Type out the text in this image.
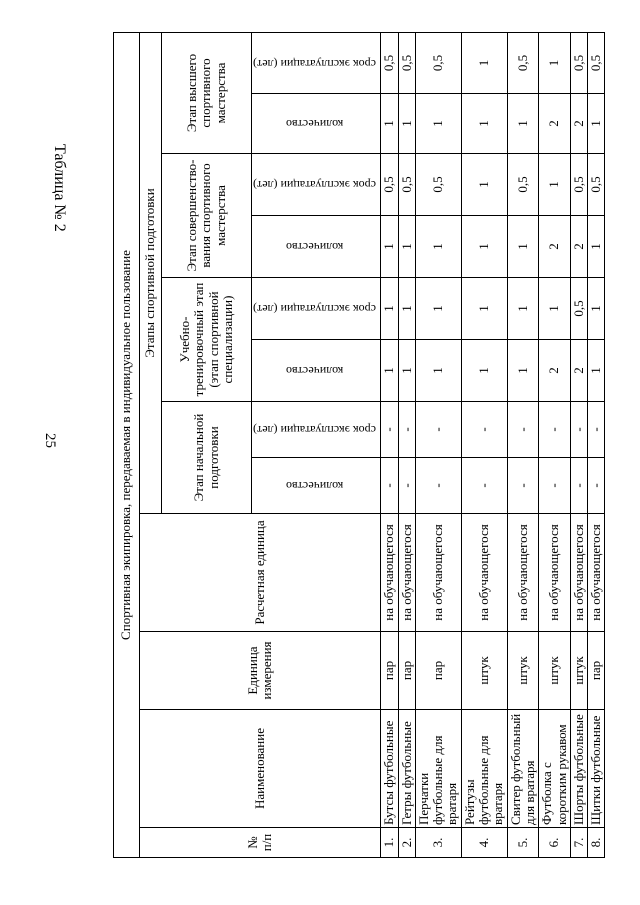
25
Таблица № 2
Спортивная экипировка, передаваемая в индивидуальное пользование											
№ п/п	Наименование	Единица измерения	Расчетная единица	Этапы спортивной подготовки							
				Этап начальной подготовки		Учебно-тренировочный этап (этап спортивной специализации)		Этап совершенство-вания спортивного мастерства		Этап высшего спортивного мастерства	
				количество	срок эксплуатации (лет)	количество	срок эксплуатации (лет)	количество	срок эксплуатации (лет)	количество	срок эксплуатации (лет)
1.	Бутсы футбольные	пар	на обучающегося	-	-	1	1	1	0,5	1	0,5
2.	Гетры футбольные	пар	на обучающегося	-	-	1	1	1	0,5	1	0,5
3.	Перчатки футбольные для вратаря	пар	на обучающегося	-	-	1	1	1	0,5	1	0,5
4.	Рейтузы футбольные для вратаря	штук	на обучающегося	-	-	1	1	1	1	1	1
5.	Свитер футбольный для вратаря	штук	на обучающегося	-	-	1	1	1	0,5	1	0,5
6.	Футболка с коротким рукавом	штук	на обучающегося	-	-	2	1	2	1	2	1
7.	Шорты футбольные	штук	на обучающегося	-	-	2	0,5	2	0,5	2	0,5
8.	Щитки футбольные	пар	на обучающегося	-	-	1	1	1	0,5	1	0,5
